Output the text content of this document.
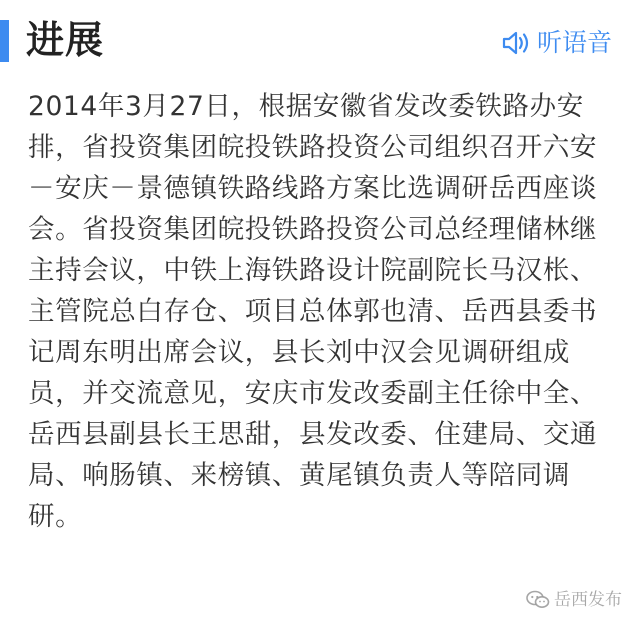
进展	听语音

2014年3月27日，根据安徽省发改委铁路办安排，省投资集团皖投铁路投资公司组织召开六安－安庆－景德镇铁路线路方案比选调研岳西座谈会。省投资集团皖投铁路投资公司总经理储林继主持会议，中铁上海铁路设计院副院长马汉枨、主管院总白存仓、项目总体郭也清、岳西县委书记周东明出席会议，县长刘中汉会见调研组成员，并交流意见，安庆市发改委副主任徐中全、岳西县副县长王思甜，县发改委、住建局、交通局、响肠镇、来榜镇、黄尾镇负责人等陪同调研。

岳西发布
